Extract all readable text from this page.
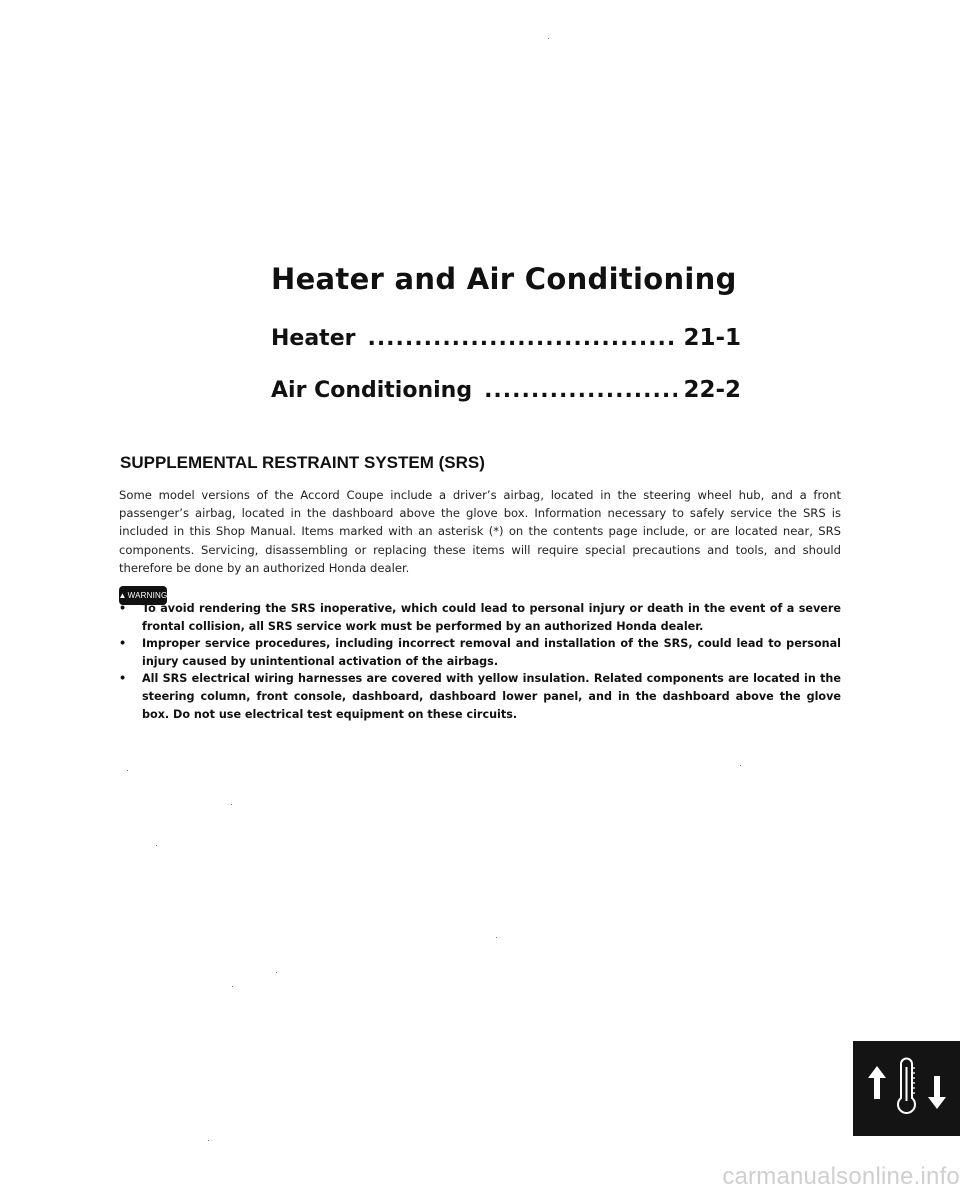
Heater and Air Conditioning
Heater .....	21-1
Air Conditioning .....	22-2
SUPPLEMENTAL RESTRAINT SYSTEM (SRS)

Some model versions of the Accord Coupe include a driver’s airbag, located in the steering wheel hub, and a front passenger’s airbag, located in the dashboard above the glove box. Information necessary to safely service the SRS is included in this Shop Manual. Items marked with an asterisk (*) on the contents page include, or are located near, SRS components. Servicing, disassembling or replacing these items will require special precautions and tools, and should therefore be done by an authorized Honda dealer.

▲ WARNING
• To avoid rendering the SRS inoperative, which could lead to personal injury or death in the event of a severe frontal collision, all SRS service work must be performed by an authorized Honda dealer.
• Improper service procedures, including incorrect removal and installation of the SRS, could lead to personal injury caused by unintentional activation of the airbags.
• All SRS electrical wiring harnesses are covered with yellow insulation. Related components are located in the steering column, front console, dashboard, dashboard lower panel, and in the dashboard above the glove box. Do not use electrical test equipment on these circuits.

carmanualsonline.info
